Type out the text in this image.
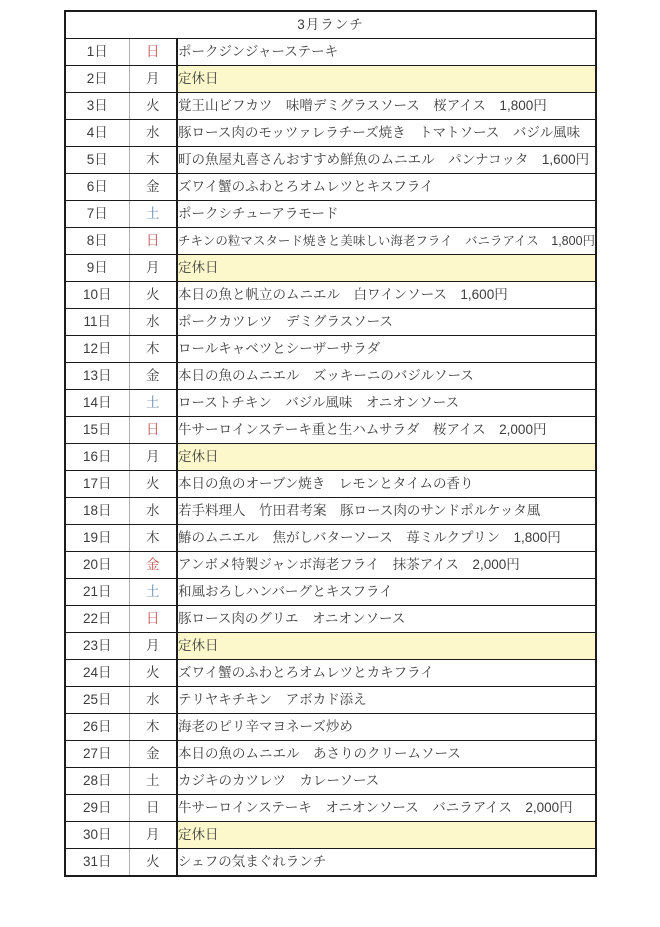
3月ランチ		
1日	日	ポークジンジャーステーキ
2日	月	定休日
3日	火	覚王山ビフカツ　味噌デミグラスソース　桜アイス　1,800円
4日	水	豚ロース肉のモッツァレラチーズ焼き　トマトソース　バジル風味
5日	木	町の魚屋丸喜さんおすすめ鮮魚のムニエル　パンナコッタ　1,600円
6日	金	ズワイ蟹のふわとろオムレツとキスフライ
7日	土	ポークシチューアラモード
8日	日	チキンの粒マスタード焼きと美味しい海老フライ　バニラアイス　1,800円
9日	月	定休日
10日	火	本日の魚と帆立のムニエル　白ワインソース　1,600円
11日	水	ポークカツレツ　デミグラスソース
12日	木	ロールキャベツとシーザーサラダ
13日	金	本日の魚のムニエル　ズッキーニのバジルソース
14日	土	ローストチキン　バジル風味　オニオンソース
15日	日	牛サーロインステーキ重と生ハムサラダ　桜アイス　2,000円
16日	月	定休日
17日	火	本日の魚のオーブン焼き　レモンとタイムの香り
18日	水	若手料理人　竹田君考案　豚ロース肉のサンドポルケッタ風
19日	木	鰆のムニエル　焦がしバターソース　苺ミルクプリン　1,800円
20日	金	アンボメ特製ジャンボ海老フライ　抹茶アイス　2,000円
21日	土	和風おろしハンバーグとキスフライ
22日	日	豚ロース肉のグリエ　オニオンソース
23日	月	定休日
24日	火	ズワイ蟹のふわとろオムレツとカキフライ
25日	水	テリヤキチキン　アボカド添え
26日	木	海老のピリ辛マヨネーズ炒め
27日	金	本日の魚のムニエル　あさりのクリームソース
28日	土	カジキのカツレツ　カレーソース
29日	日	牛サーロインステーキ　オニオンソース　バニラアイス　2,000円
30日	月	定休日
31日	火	シェフの気まぐれランチ
